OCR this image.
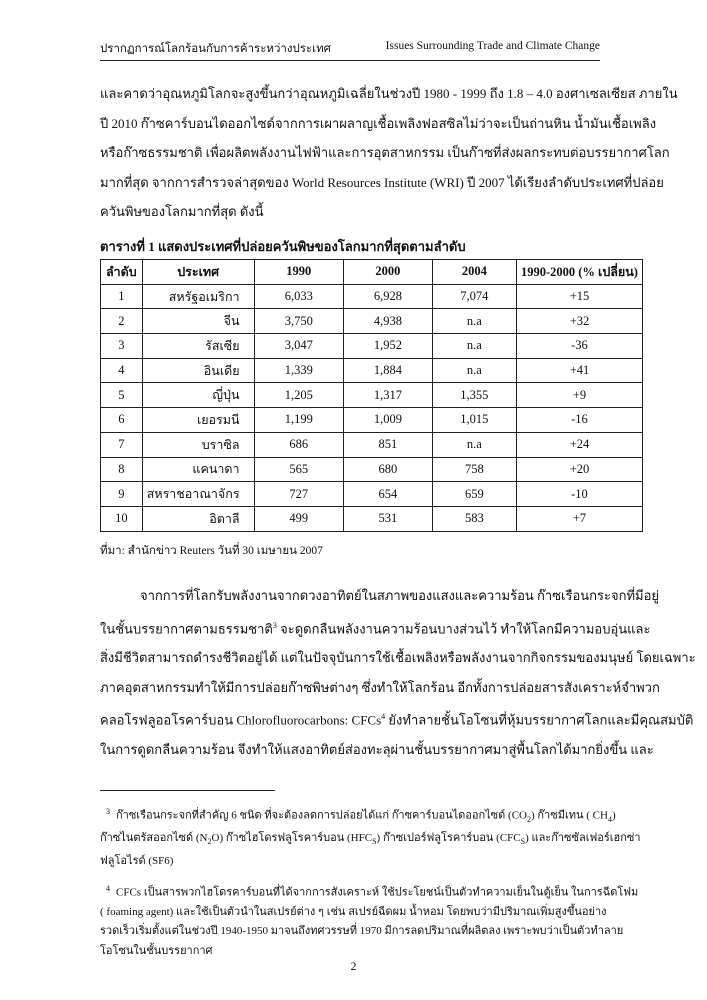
ปรากฏการณ์โลกร้อนกับการค้าระหว่างประเทศ	Issues Surrounding Trade and Climate Change
และคาดว่าอุณหภูมิโลกจะสูงขึ้นกว่าอุณหภูมิเฉลี่ยในช่วงปี 1980 - 1999 ถึง 1.8 – 4.0 องศาเซลเซียส ภายใน
ปี 2010 ก๊าซคาร์บอนไดออกไซด์จากการเผาผลาญเชื้อเพลิงฟอสซิลไม่ว่าจะเป็นถ่านหิน น้ำมันเชื้อเพลิง
หรือก๊าซธรรมชาติ เพื่อผลิตพลังงานไฟฟ้าและการอุตสาหกรรม เป็นก๊าซที่ส่งผลกระทบต่อบรรยากาศโลก
มากที่สุด จากการสำรวจล่าสุดของ World Resources Institute (WRI) ปี 2007 ได้เรียงลำดับประเทศที่ปล่อย
ควันพิษของโลกมากที่สุด ดังนี้
ตารางที่ 1 แสดงประเทศที่ปล่อยควันพิษของโลกมากที่สุดตามลำดับ
ลำดับ	ประเทศ	1990	2000	2004	1990-2000 (% เปลี่ยน)
1	สหรัฐอเมริกา	6,033	6,928	7,074	+15
2	จีน	3,750	4,938	n.a	+32
3	รัสเซีย	3,047	1,952	n.a	-36
4	อินเดีย	1,339	1,884	n.a	+41
5	ญี่ปุ่น	1,205	1,317	1,355	+9
6	เยอรมนี	1,199	1,009	1,015	-16
7	บราซิล	686	851	n.a	+24
8	แคนาดา	565	680	758	+20
9	สหราชอาณาจักร	727	654	659	-10
10	อิตาลี	499	531	583	+7
ที่มา: สำนักข่าว Reuters วันที่ 30 เมษายน 2007
จากการที่โลกรับพลังงานจากดวงอาทิตย์ในสภาพของแสงและความร้อน ก๊าซเรือนกระจกที่มีอยู่
ในชั้นบรรยากาศตามธรรมชาติ$^3$ จะดูดกลืนพลังงานความร้อนบางส่วนไว้ ทำให้โลกมีความอบอุ่นและ
สิ่งมีชีวิตสามารถดำรงชีวิตอยู่ได้ แต่ในปัจจุบันการใช้เชื้อเพลิงหรือพลังงานจากกิจกรรมของมนุษย์ โดยเฉพาะ
ภาคอุตสาหกรรมทำให้มีการปล่อยก๊าซพิษต่างๆ ซึ่งทำให้โลกร้อน อีกทั้งการปล่อยสารสังเคราะห์จำพวก
คลอโรฟลูออโรคาร์บอน Chlorofluorocarbons: CFCs$^4$ ยังทำลายชั้นโอโซนที่หุ้มบรรยากาศโลกและมีคุณสมบัติ
ในการดูดกลืนความร้อน จึงทำให้แสงอาทิตย์ส่องทะลุผ่านชั้นบรรยากาศมาสู่พื้นโลกได้มากยิ่งขึ้น และ
$^3$ ก๊าซเรือนกระจกที่สำคัญ 6 ชนิด ที่จะต้องลดการปล่อยได้แก่ ก๊าซคาร์บอนไดออกไซด์ $(CO_2)$ ก๊าซมีเทน ( $CH_4$)
ก๊าซไนตรัสออกไซด์ $(N_2O)$ ก๊าซไฮโดรฟลูโรคาร์บอน $(HFC_S)$ ก๊าซเปอร์ฟลูโรคาร์บอน $(CFC_S)$ และก๊าซซัลเฟอร์เฮกซ่า
ฟลูโอไรด์ (SF6)
$^4$ CFCs เป็นสารพวกไฮโดรคาร์บอนที่ได้จากการสังเคราะห์ ใช้ประโยชน์เป็นตัวทำความเย็นในตู้เย็น ในการฉีดโฟม
( foaming agent) และใช้เป็นตัวนำในสเปรย์ต่าง ๆ เช่น สเปรย์ฉีดผม น้ำหอม โดยพบว่ามีปริมาณเพิ่มสูงขึ้นอย่าง
รวดเร็วเริ่มตั้งแต่ในช่วงปี 1940-1950 มาจนถึงทศวรรษที่ 1970 มีการลดปริมาณที่ผลิตลง เพราะพบว่าเป็นตัวทำลาย
โอโซนในชั้นบรรยากาศ
2
